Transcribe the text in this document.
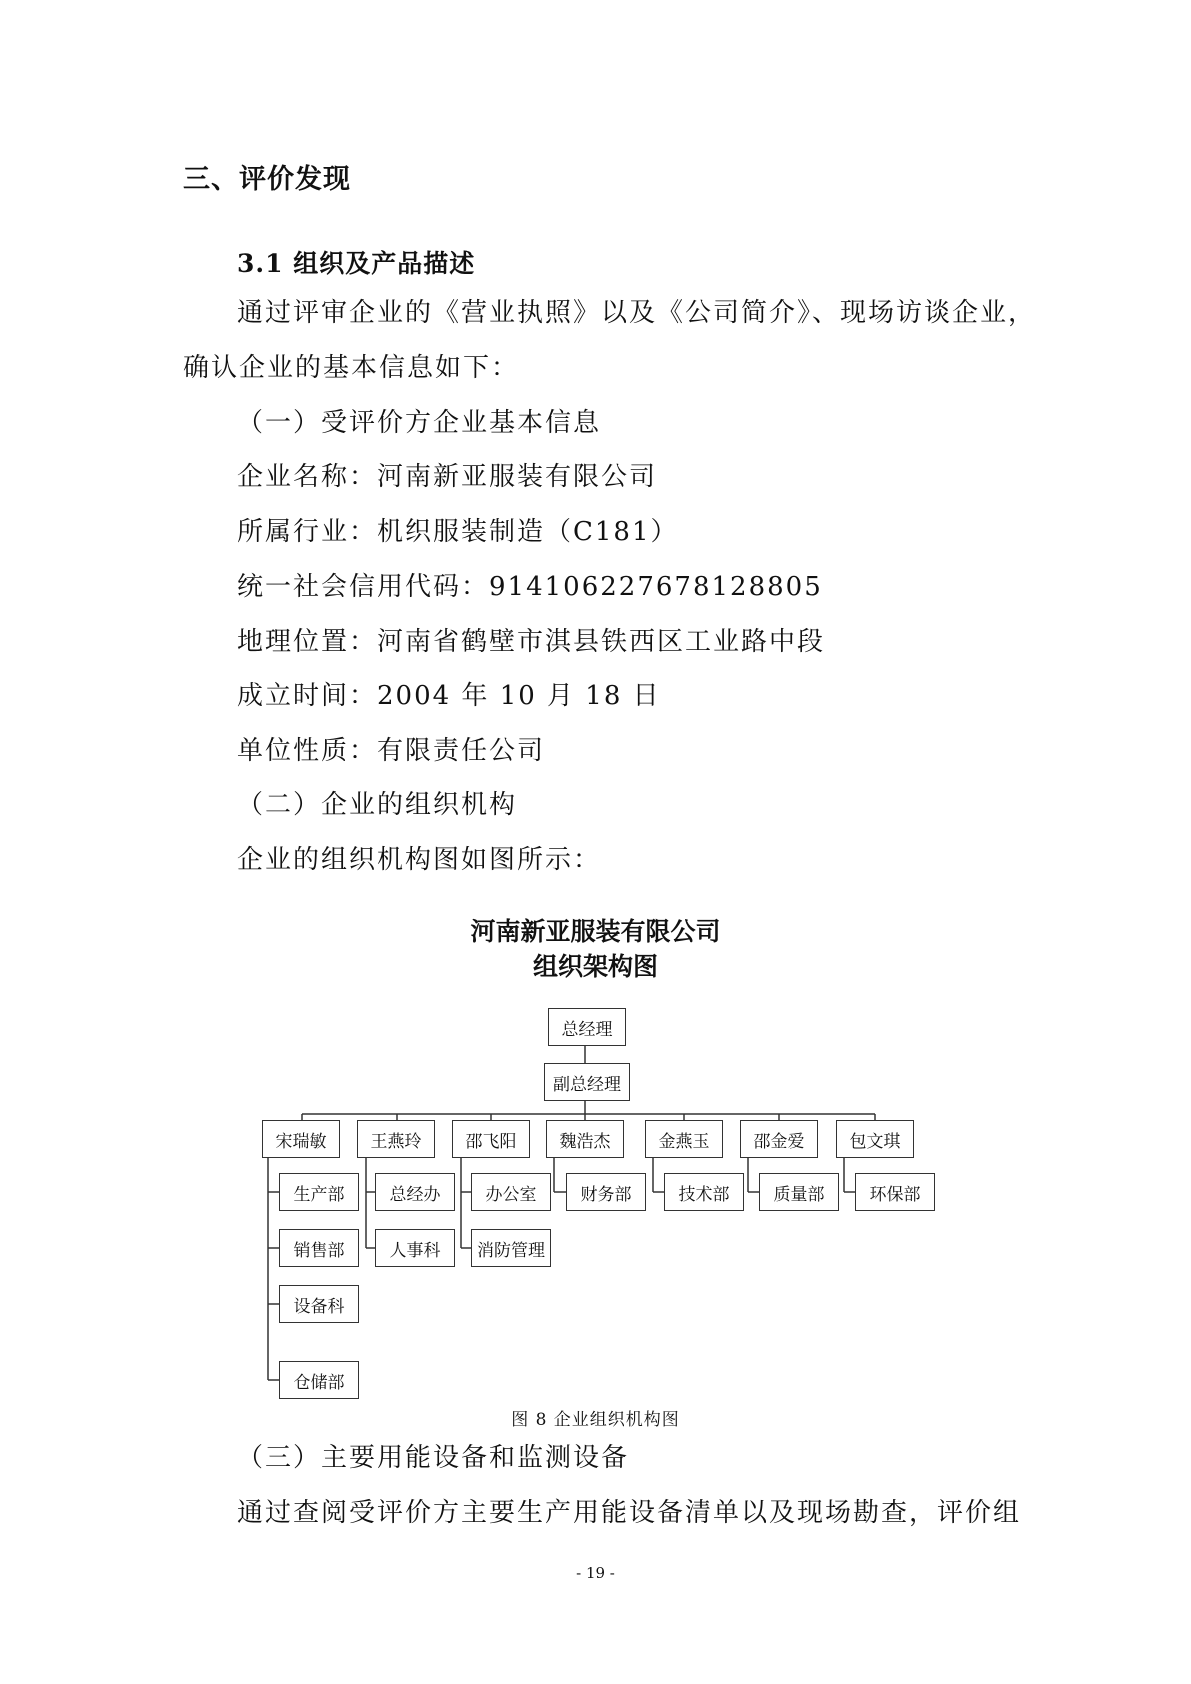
三、评价发现
3.1 组织及产品描述
通过评审企业的《营业执照》以及《公司简介》、现场访谈企业，
确认企业的基本信息如下：
（一）受评价方企业基本信息
企业名称：河南新亚服装有限公司
所属行业：机织服装制造（C181）
统一社会信用代码：914106227678128805
地理位置：河南省鹤壁市淇县铁西区工业路中段
成立时间：2004 年 10 月 18 日
单位性质：有限责任公司
（二）企业的组织机构
企业的组织机构图如图所示：
河南新亚服装有限公司
组织架构图
总经理
副总经理
宋瑞敏	王燕玲	邵飞阳	魏浩杰	金燕玉	邵金爱	包文琪
生产部
销售部
设备科
仓储部
总经办
人事科
办公室
消防管理
财务部	技术部	质量部	环保部
图 8 企业组织机构图
（三）主要用能设备和监测设备
通过查阅受评价方主要生产用能设备清单以及现场勘查，评价组
- 19 -
